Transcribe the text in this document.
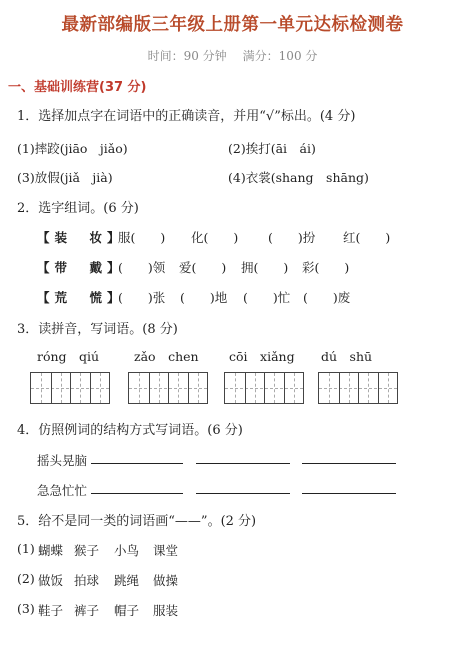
最新部编版三年级上册第一单元达标检测卷
时间：90 分钟 满分：100 分
一、基础训练营(37 分)
1．选择加点字在词语中的正确读音，并用“√”标出。(4 分)
(1)摔跤(jiāo　jiǎo)	(2)挨打(āi　ái)
(3)放假(jiǎ　jià)	(4)衣裳(shang　shāng)
2．选字组词。(6 分)
【装　妆】
服(　　) 化(　　) (　　)扮 红(　　)
【带　戴】
(　　)领 爱(　　) 拥(　　) 彩(　　)
【荒　慌】
(　　)张 (　　)地 (　　)忙 (　　)废
3．读拼音，写词语。(8 分)
róng　qiú	zǎo　chen cōi　xiǎng dú　shū
4．仿照例词的结构方式写词语。(6 分)
摇头晃脑
急急忙忙
5．给不是同一类的词语画“——”。(2 分)
(1) 蝴蝶 猴子 小鸟 课堂
(2) 做饭 拍球 跳绳 做操
(3) 鞋子 裤子 帽子 服装
